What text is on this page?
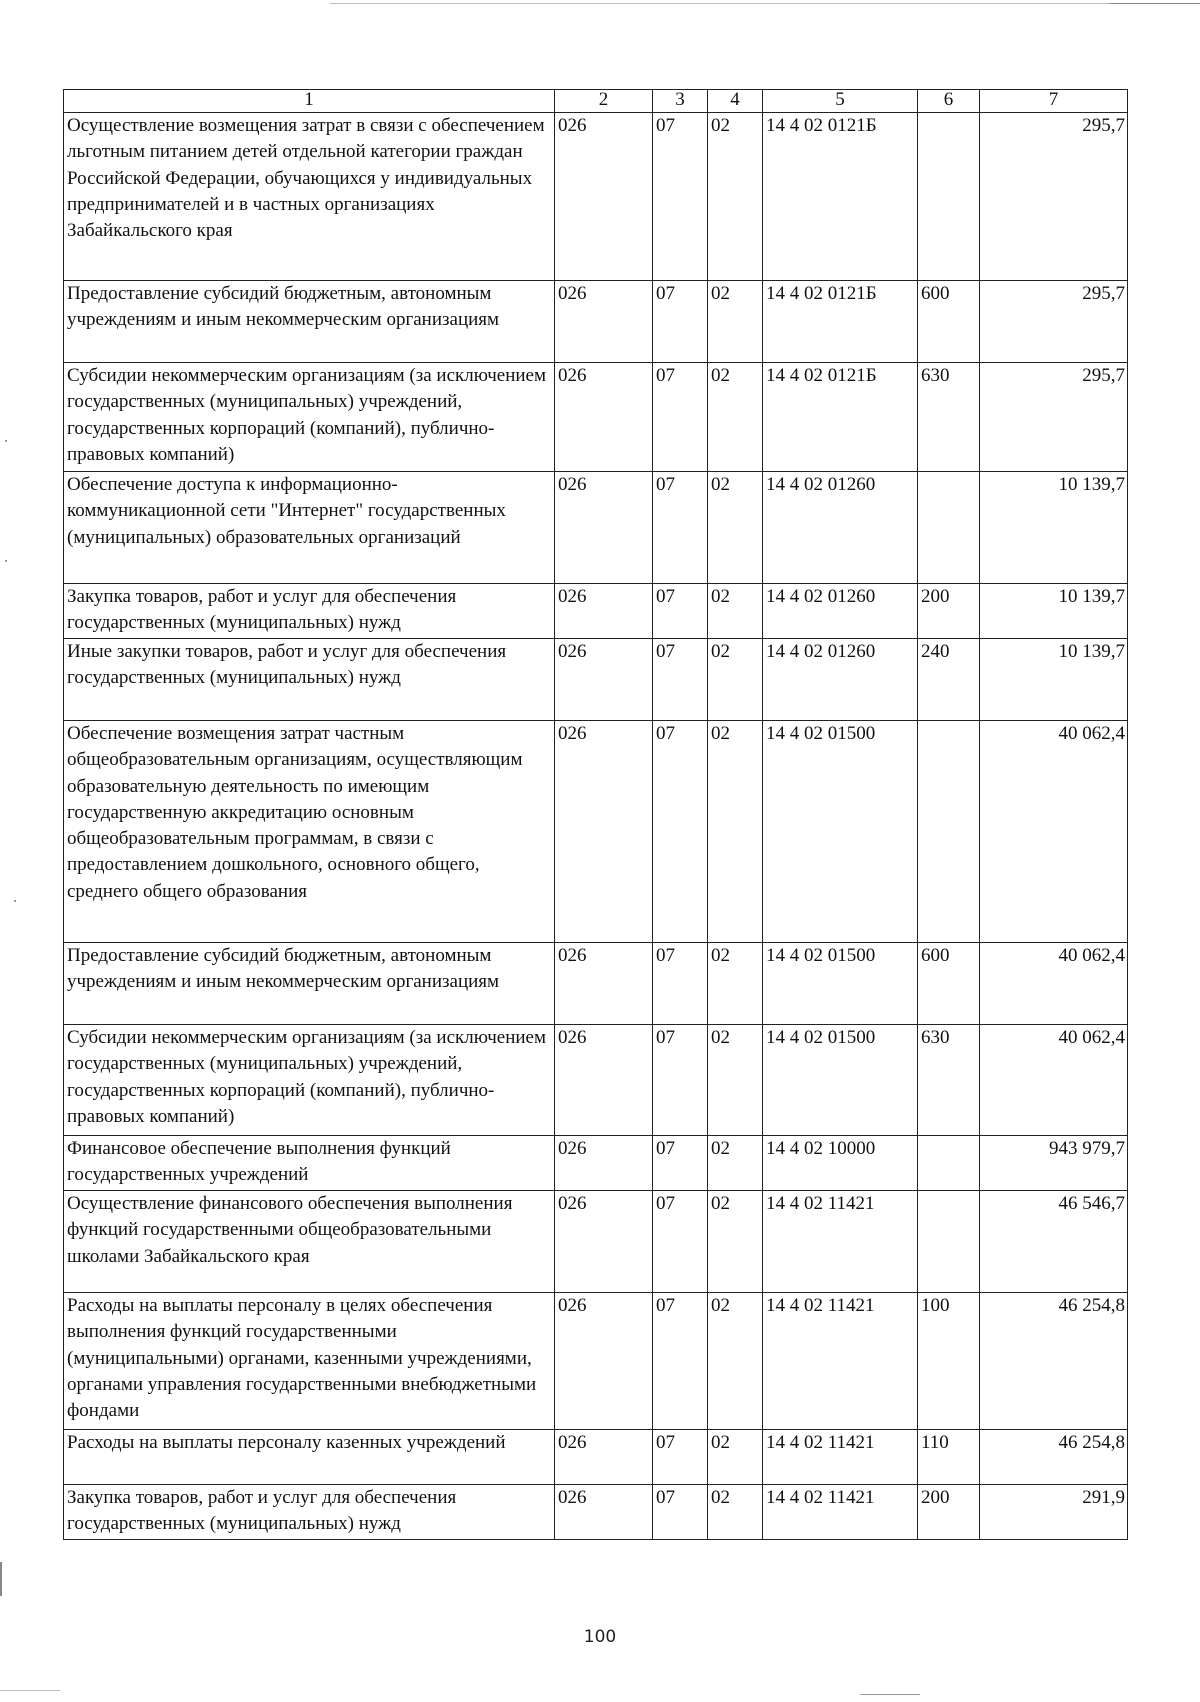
1	2	3	4	5	6	7
Осуществление возмещения затрат в связи с обеспечением льготным питанием детей отдельной категории граждан Российской Федерации, обучающихся у индивидуальных предпринимателей и в частных организациях Забайкальского края	026	07	02	14 4 02 0121Б		295,7
Предоставление субсидий бюджетным, автономным учреждениям и иным некоммерческим организациям	026	07	02	14 4 02 0121Б	600	295,7
Субсидии некоммерческим организациям (за исключением государственных (муниципальных) учреждений, государственных корпораций (компаний), публично-правовых компаний)	026	07	02	14 4 02 0121Б	630	295,7
Обеспечение доступа к информационно-коммуникационной сети "Интернет" государственных (муниципальных) образовательных организаций	026	07	02	14 4 02 01260		10 139,7
Закупка товаров, работ и услуг для обеспечения государственных (муниципальных) нужд	026	07	02	14 4 02 01260	200	10 139,7
Иные закупки товаров, работ и услуг для обеспечения государственных (муниципальных) нужд	026	07	02	14 4 02 01260	240	10 139,7
Обеспечение возмещения затрат частным общеобразовательным организациям, осуществляющим образовательную деятельность по имеющим государственную аккредитацию основным общеобразовательным программам, в связи с предоставлением дошкольного, основного общего, среднего общего образования	026	07	02	14 4 02 01500		40 062,4
Предоставление субсидий бюджетным, автономным учреждениям и иным некоммерческим организациям	026	07	02	14 4 02 01500	600	40 062,4
Субсидии некоммерческим организациям (за исключением государственных (муниципальных) учреждений, государственных корпораций (компаний), публично-правовых компаний)	026	07	02	14 4 02 01500	630	40 062,4
Финансовое обеспечение выполнения функций государственных учреждений	026	07	02	14 4 02 10000		943 979,7
Осуществление финансового обеспечения выполнения функций государственными общеобразовательными школами Забайкальского края	026	07	02	14 4 02 11421		46 546,7
Расходы на выплаты персоналу в целях обеспечения выполнения функций государственными (муниципальными) органами, казенными учреждениями, органами управления государственными внебюджетными фондами	026	07	02	14 4 02 11421	100	46 254,8
Расходы на выплаты персоналу казенных учреждений	026	07	02	14 4 02 11421	110	46 254,8
Закупка товаров, работ и услуг для обеспечения государственных (муниципальных) нужд	026	07	02	14 4 02 11421	200	291,9
100
